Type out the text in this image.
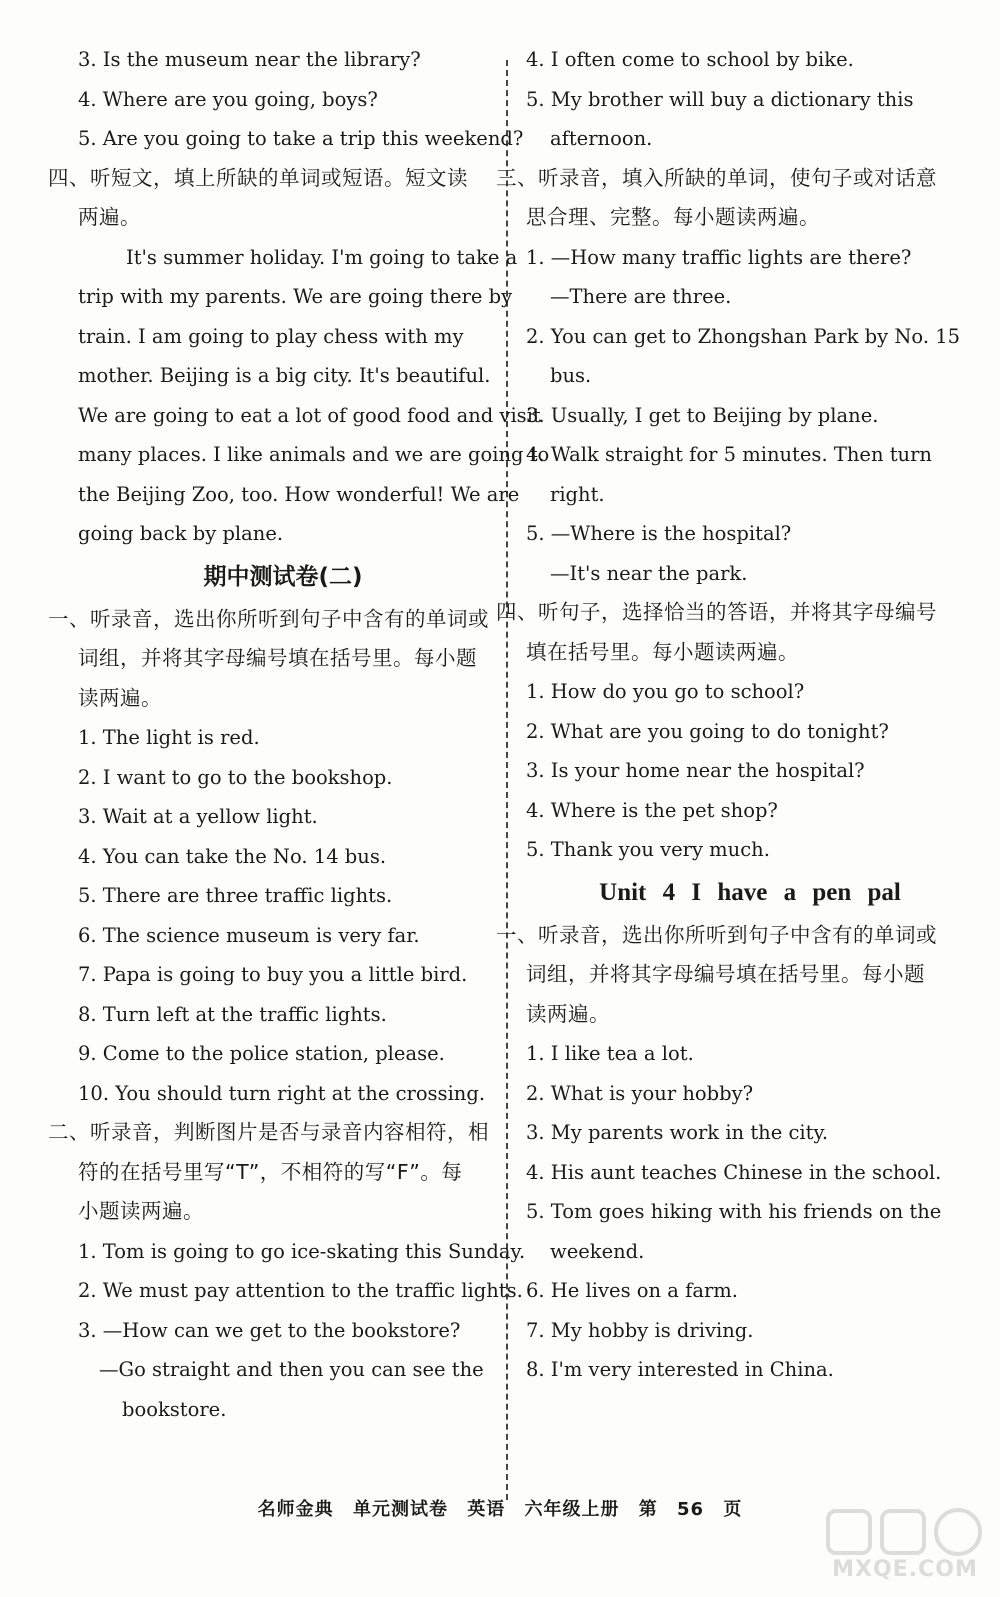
3. Is the museum near the library?
4. Where are you going, boys?
5. Are you going to take a trip this weekend?
四、听短文，填上所缺的单词或短语。短文读
两遍。
It's summer holiday. I'm going to take a
trip with my parents. We are going there by
train. I am going to play chess with my
mother. Beijing is a big city. It's beautiful.
We are going to eat a lot of good food and visit
many places. I like animals and we are going to
the Beijing Zoo, too. How wonderful! We are
going back by plane.
期中测试卷(二)
一、听录音，选出你所听到句子中含有的单词或
词组，并将其字母编号填在括号里。每小题
读两遍。
1. The light is red.
2. I want to go to the bookshop.
3. Wait at a yellow light.
4. You can take the No. 14 bus.
5. There are three traffic lights.
6. The science museum is very far.
7. Papa is going to buy you a little bird.
8. Turn left at the traffic lights.
9. Come to the police station, please.
10. You should turn right at the crossing.
二、听录音，判断图片是否与录音内容相符，相
符的在括号里写“T”，不相符的写“F”。每
小题读两遍。
1. Tom is going to go ice-skating this Sunday.
2. We must pay attention to the traffic lights.
3. —How can we get to the bookstore?
—Go straight and then you can see the
bookstore.
4. I often come to school by bike.
5. My brother will buy a dictionary this
afternoon.
三、听录音，填入所缺的单词，使句子或对话意
思合理、完整。每小题读两遍。
1. —How many traffic lights are there?
—There are three.
2. You can get to Zhongshan Park by No. 15
bus.
3. Usually, I get to Beijing by plane.
4. Walk straight for 5 minutes. Then turn
right.
5. —Where is the hospital?
—It's near the park.
四、听句子，选择恰当的答语，并将其字母编号
填在括号里。每小题读两遍。
1. How do you go to school?
2. What are you going to do tonight?
3. Is your home near the hospital?
4. Where is the pet shop?
5. Thank you very much.
Unit 4 I have a pen pal
一、听录音，选出你所听到句子中含有的单词或
词组，并将其字母编号填在括号里。每小题
读两遍。
1. I like tea a lot.
2. What is your hobby?
3. My parents work in the city.
4. His aunt teaches Chinese in the school.
5. Tom goes hiking with his friends on the
weekend.
6. He lives on a farm.
7. My hobby is driving.
8. I'm very interested in China.
名师金典 单元测试卷 英语 六年级上册 第 56 页
MXQE.COM
